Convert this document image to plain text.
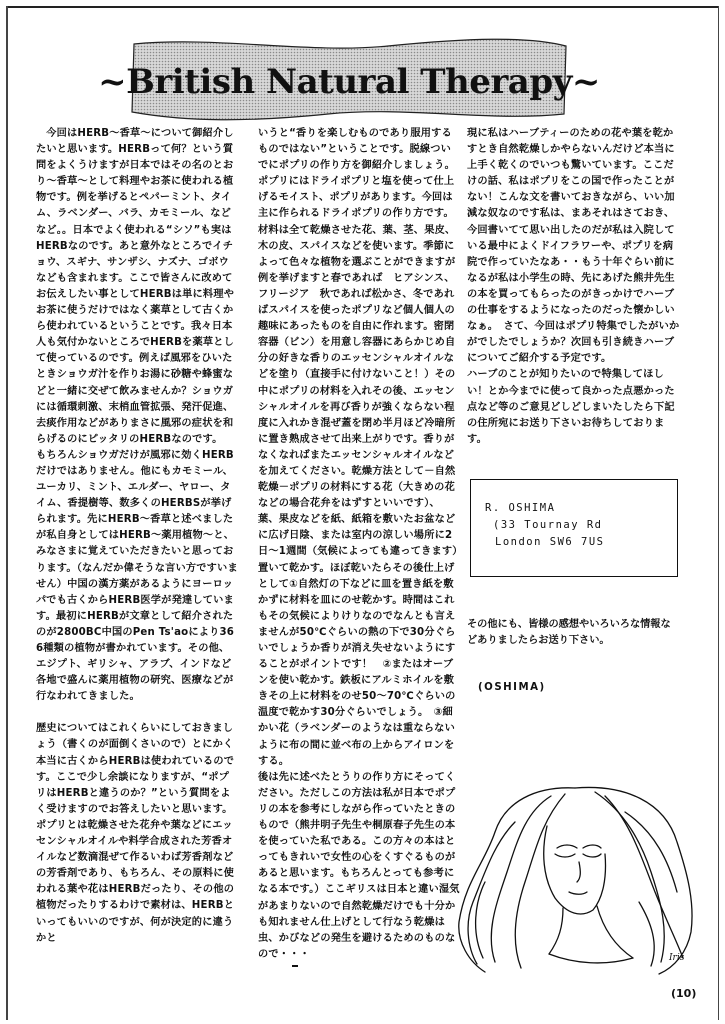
~British Natural Therapy~

今回はHERB～香草～について御紹介したいと思います。HERBって何？という質問をよくうけますが日本ではその名のとおり～香草～として料理やお茶に使われる植物です。例を挙げるとペパーミント、タイム、ラベンダー、バラ、カモミール、などなど。。日本でよく使われる“シソ”も実はHERBなのです。あと意外なところでイチョウ、スギナ、サンザシ、ナズナ、ゴボウなども含まれます。ここで皆さんに改めてお伝えしたい事としてHERBは単に料理やお茶に使うだけではなく薬草として古くから使われているということです。我々日本人も気付かないところでHERBを薬草として使っているのです。例えば風邪をひいたときショウガ汁を作りお湯に砂糖や蜂蜜などと一緒に交ぜて飲みませんか？ショウガには循環刺激、末梢血管拡張、発汗促進、去痰作用などがありまさに風邪の症状を和らげるのにピッタリのHERBなのです。　もちろんショウガだけが風邪に効くHERBだけではありません。他にもカモミール、ユーカリ、ミント、エルダー、ヤロー、タイム、香提樹等、数多くのHERBSが挙げられます。先にHERB～香草と述べましたが私自身としてはHERB～薬用植物～と、みなさまに覚えていただきたいと思っております。（なんだか偉そうな言い方ですいません）中国の漢方薬があるようにヨーロッパでも古くからHERB医学が発達しています。最初にHERBが文章として紹介されたのが2800BC中国のPen Ts'aoにより366種類の植物が書かれています。その他、エジプト、ギリシャ、アラブ、インドなど各地で盛んに薬用植物の研究、医療などが行なわれてきました。

歴史についてはこれくらいにしておきましょう（書くのが面倒くさいので）とにかく本当に古くからHERBは使われているのです。ここで少し余談になりますが、“ポプリはHERBと違うのか？”という質問をよく受けますのでお答えしたいと思います。ポプリとは乾燥させた花弁や葉などにエッセンシャルオイルや料学合成された芳香オイルなど数滴混ぜて作るいわば芳香剤などの芳香剤であり、もちろん、その原料に使われる葉や花はHERBだったり、その他の植物だったりするわけで素材は、HERBといってもいいのですが、何が決定的に違うかと

いうと“香りを楽しむものであり服用するものではない”ということです。脱線ついでにポプリの作り方を御紹介しましょう。ポプリにはドライポプリと塩を使って仕上げるモイスト、ポプリがあります。今回は主に作られるドライポプリの作り方です。材料は全て乾燥させた花、葉、茎、果皮、木の皮、スパイスなどを使います。季節によって色々な植物を選ぶことができますが　例を挙げますと春であれば　ヒアシンス、フリージア　秋であれば松かさ、冬であればスパイスを使ったポプリなど個人個人の趣味にあったものを自由に作れます。密閉容器（ビン）を用意し容器にあらかじめ自分の好きな香りのエッセンシャルオイルなどを塗り（直接手に付けないこと！）その中にポプリの材料を入れその後、エッセンシャルオイルを再び香りが強くならない程度に入れかき混ぜ蓋を閉め半月ほど冷暗所に置き熟成させて出来上がりです。香りがなくなればまたエッセンシャルオイルなどを加えてください。乾燥方法として－自然乾燥－ポプリの材料にする花（大きめの花などの場合花弁をはずすといいです）、葉、果皮などを紙、紙箱を敷いたお盆などに広げ日陰、または室内の涼しい場所に2日～1週間（気候によっても違ってきます）置いて乾かす。ほぼ乾いたらその後仕上げとして①自然灯の下などに皿を置き紙を敷かずに材料を皿にのせ乾かす。時間はこれもその気候によりけりなのでなんとも言えませんが50℃ぐらいの熱の下で30分ぐらいでしょうか香りが消え失せないようにすることがポイントです！　②またはオーブンを使い乾かす。鉄板にアルミホイルを敷きその上に材料をのせ50～70℃ぐらいの温度で乾かす30分ぐらいでしょう。　③細かい花（ラベンダーのようなは重ならないように布の間に並べ布の上からアイロンをする。

後は先に述べたとうりの作り方にそってください。ただしこの方法は私が日本でポプリの本を参考にしながら作っていたときのもので（熊井明子先生や桐原春子先生の本を使っていた私である。この方々の本はとってもきれいで女性の心をくすぐるものがあると思います。もちろんとっても参考になる本です。）ここギリスは日本と違い湿気があまりないので自然乾燥だけでも十分かも知れません仕上げとして行なう乾燥は虫、かびなどの発生を避けるためのものなので・・・

現に私はハーブティーのための花や葉を乾かすとき自然乾燥しかやらないんだけど本当に上手く乾くのでいつも驚いています。ここだけの話、私はポプリをこの国で作ったことがない！こんな文を書いておきながら、いい加減な奴なのです私は、まあそれはさておき、今回書いてて思い出したのだが私は入院している最中によくドイフラワーや、ポプリを病院で作っていたなあ・・もう十年ぐらい前になるが私は小学生の時、先にあげた熊井先生の本を買ってもらったのがきっかけでハーブの仕事をするようになったのだった懐かしいなぁ。　さて、今回はポプリ特集でしたがいかがでしたでしょうか？次回も引き続きハーブについてご紹介する予定です。

ハーブのことが知りたいので特集してほしい！とか今までに使って良かった点悪かった点など等のご意見どしどしまいたしたら下記の住所宛にお送り下さいお待ちしております。

R. OSHIMA
(33 Tournay Rd
London SW6 7US
その他にも、皆様の感想やいろいろな情報などありましたらお送り下さい。
(OSHIMA)
Iris
(10)
